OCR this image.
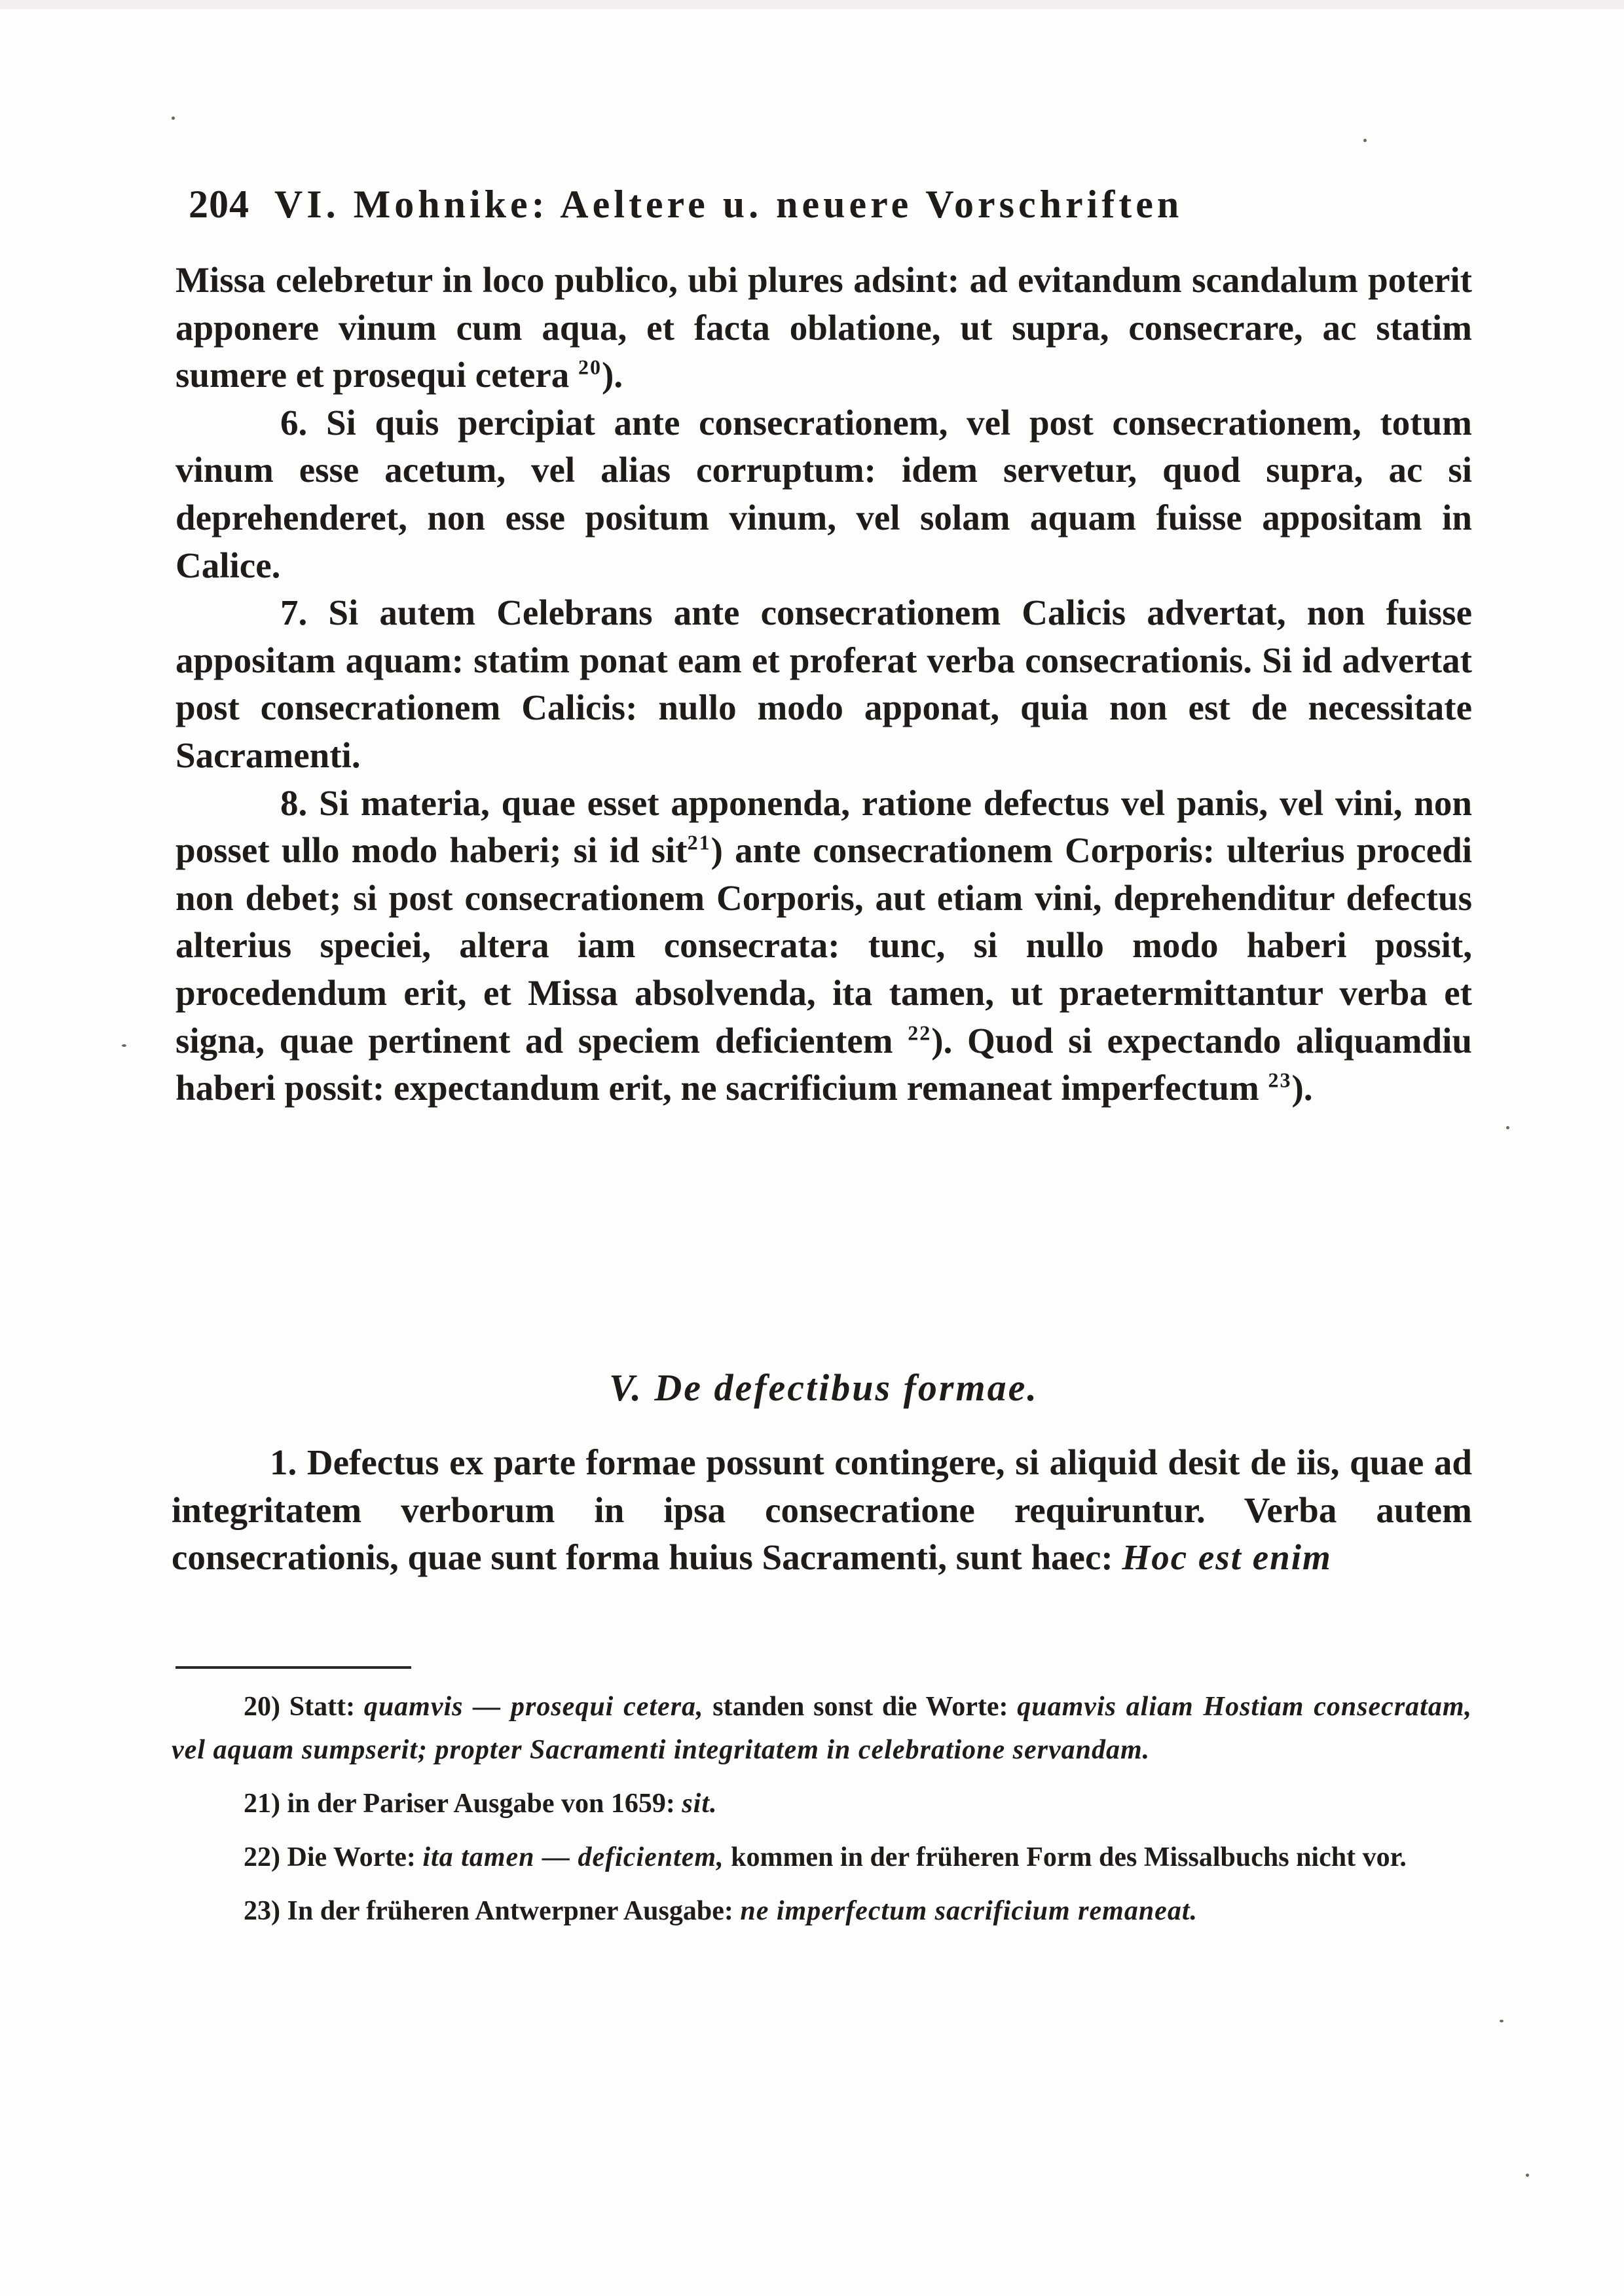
204 VI. Mohnike: Aeltere u. neuere Vorschriften

Missa celebretur in loco publico, ubi plures adsint: ad evitandum scandalum poterit apponere vinum cum aqua, et facta oblatione, ut supra, consecrare, ac statim sumere et prosequi cetera $^{20}$).

6. Si quis percipiat ante consecrationem, vel post consecrationem, totum vinum esse acetum, vel alias corruptum: idem servetur, quod supra, ac si deprehenderet, non esse positum vinum, vel solam aquam fuisse appositam in Calice.

7. Si autem Celebrans ante consecrationem Calicis advertat, non fuisse appositam aquam: statim ponat eam et proferat verba consecrationis. Si id advertat post consecrationem Calicis: nullo modo apponat, quia non est de necessitate Sacramenti.

8. Si materia, quae esset apponenda, ratione defectus vel panis, vel vini, non posset ullo modo haberi; si id sit$^{21}$) ante consecrationem Corporis: ulterius procedi non debet; si post consecrationem Corporis, aut etiam vini, deprehenditur defectus alterius speciei, altera iam consecrata: tunc, si nullo modo haberi possit, procedendum erit, et Missa absolvenda, ita tamen, ut praetermittantur verba et signa, quae pertinent ad speciem deficientem $^{22}$). Quod si expectando aliquamdiu haberi possit: expectandum erit, ne sacrificium remaneat imperfectum $^{23}$).

V. De defectibus formae.

1. Defectus ex parte formae possunt contingere, si aliquid desit de iis, quae ad integritatem verborum in ipsa consecratione requiruntur. Verba autem consecrationis, quae sunt forma huius Sacramenti, sunt haec: Hoc est enim

20) Statt: quamvis — prosequi cetera, standen sonst die Worte: quamvis aliam Hostiam consecratam, vel aquam sumpserit; propter Sacramenti integritatem in celebratione servandam.

21) in der Pariser Ausgabe von 1659: sit.

22) Die Worte: ita tamen — deficientem, kommen in der früheren Form des Missalbuchs nicht vor.

23) In der früheren Antwerpner Ausgabe: ne imperfectum sacrificium remaneat.
